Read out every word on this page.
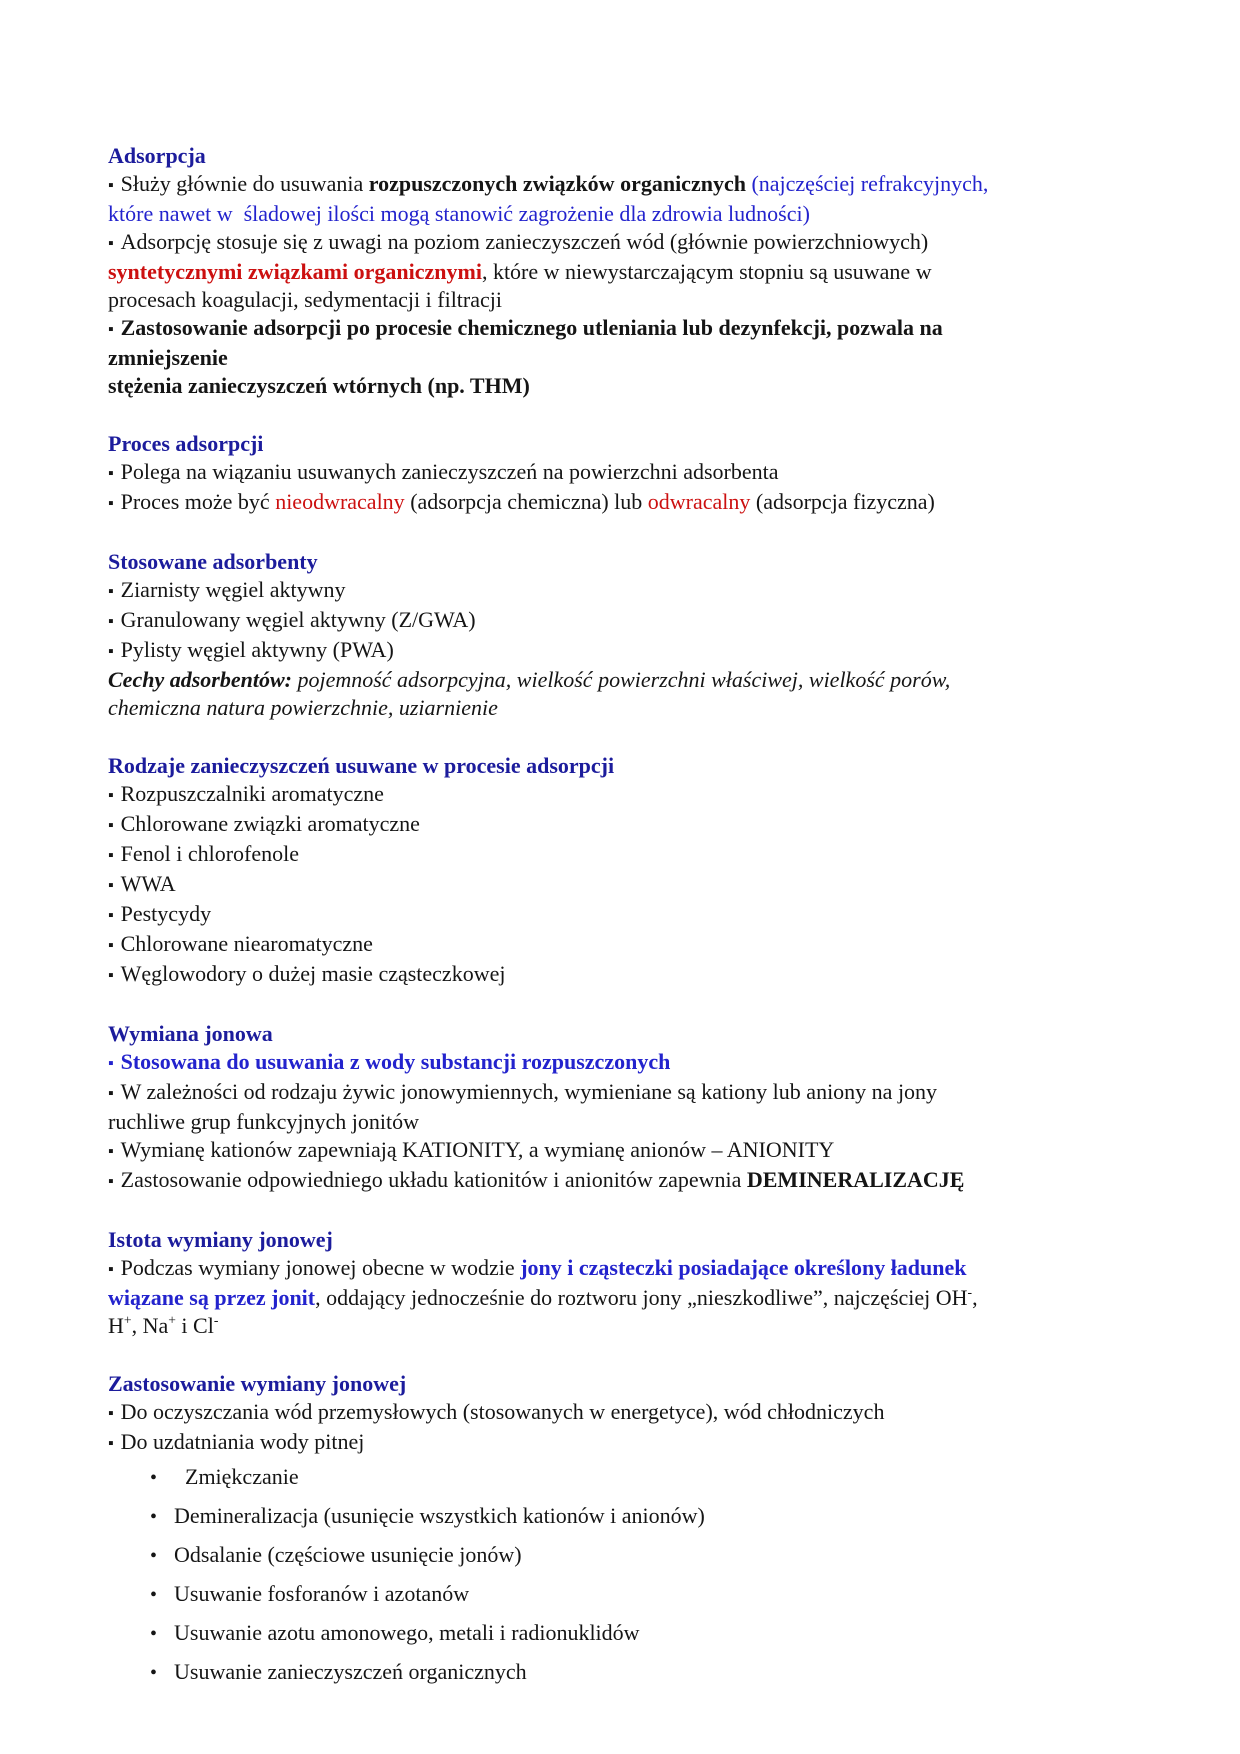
Adsorpcja
▪ Służy głównie do usuwania rozpuszczonych związków organicznych (najczęściej refrakcyjnych,
które nawet w  śladowej ilości mogą stanowić zagrożenie dla zdrowia ludności)
▪ Adsorpcję stosuje się z uwagi na poziom zanieczyszczeń wód (głównie powierzchniowych)
syntetycznymi związkami organicznymi, które w niewystarczającym stopniu są usuwane w
procesach koagulacji, sedymentacji i filtracji
▪ Zastosowanie adsorpcji po procesie chemicznego utleniania lub dezynfekcji, pozwala na
zmniejszenie
stężenia zanieczyszczeń wtórnych (np. THM)
Proces adsorpcji
▪ Polega na wiązaniu usuwanych zanieczyszczeń na powierzchni adsorbenta
▪ Proces może być nieodwracalny (adsorpcja chemiczna) lub odwracalny (adsorpcja fizyczna)
Stosowane adsorbenty
▪ Ziarnisty węgiel aktywny
▪ Granulowany węgiel aktywny (Z/GWA)
▪ Pylisty węgiel aktywny (PWA)
Cechy adsorbentów: pojemność adsorpcyjna, wielkość powierzchni właściwej, wielkość porów,
chemiczna natura powierzchnie, uziarnienie
Rodzaje zanieczyszczeń usuwane w procesie adsorpcji
▪ Rozpuszczalniki aromatyczne
▪ Chlorowane związki aromatyczne
▪ Fenol i chlorofenole
▪ WWA
▪ Pestycydy
▪ Chlorowane niearomatyczne
▪ Węglowodory o dużej masie cząsteczkowej
Wymiana jonowa
▪ Stosowana do usuwania z wody substancji rozpuszczonych
▪ W zależności od rodzaju żywic jonowymiennych, wymieniane są kationy lub aniony na jony
ruchliwe grup funkcyjnych jonitów
▪ Wymianę kationów zapewniają KATIONITY, a wymianę anionów – ANIONITY
▪ Zastosowanie odpowiedniego układu kationitów i anionitów zapewnia DEMINERALIZACJĘ
Istota wymiany jonowej
▪ Podczas wymiany jonowej obecne w wodzie jony i cząsteczki posiadające określony ładunek
wiązane są przez jonit, oddający jednocześnie do roztworu jony „nieszkodliwe”, najczęściej OH-,
H+, Na+ i Cl-
Zastosowanie wymiany jonowej
▪ Do oczyszczania wód przemysłowych (stosowanych w energetyce), wód chłodniczych
▪ Do uzdatniania wody pitnej
•  Zmiękczanie
• Demineralizacja (usunięcie wszystkich kationów i anionów)
• Odsalanie (częściowe usunięcie jonów)
• Usuwanie fosforanów i azotanów
• Usuwanie azotu amonowego, metali i radionuklidów
• Usuwanie zanieczyszczeń organicznych
